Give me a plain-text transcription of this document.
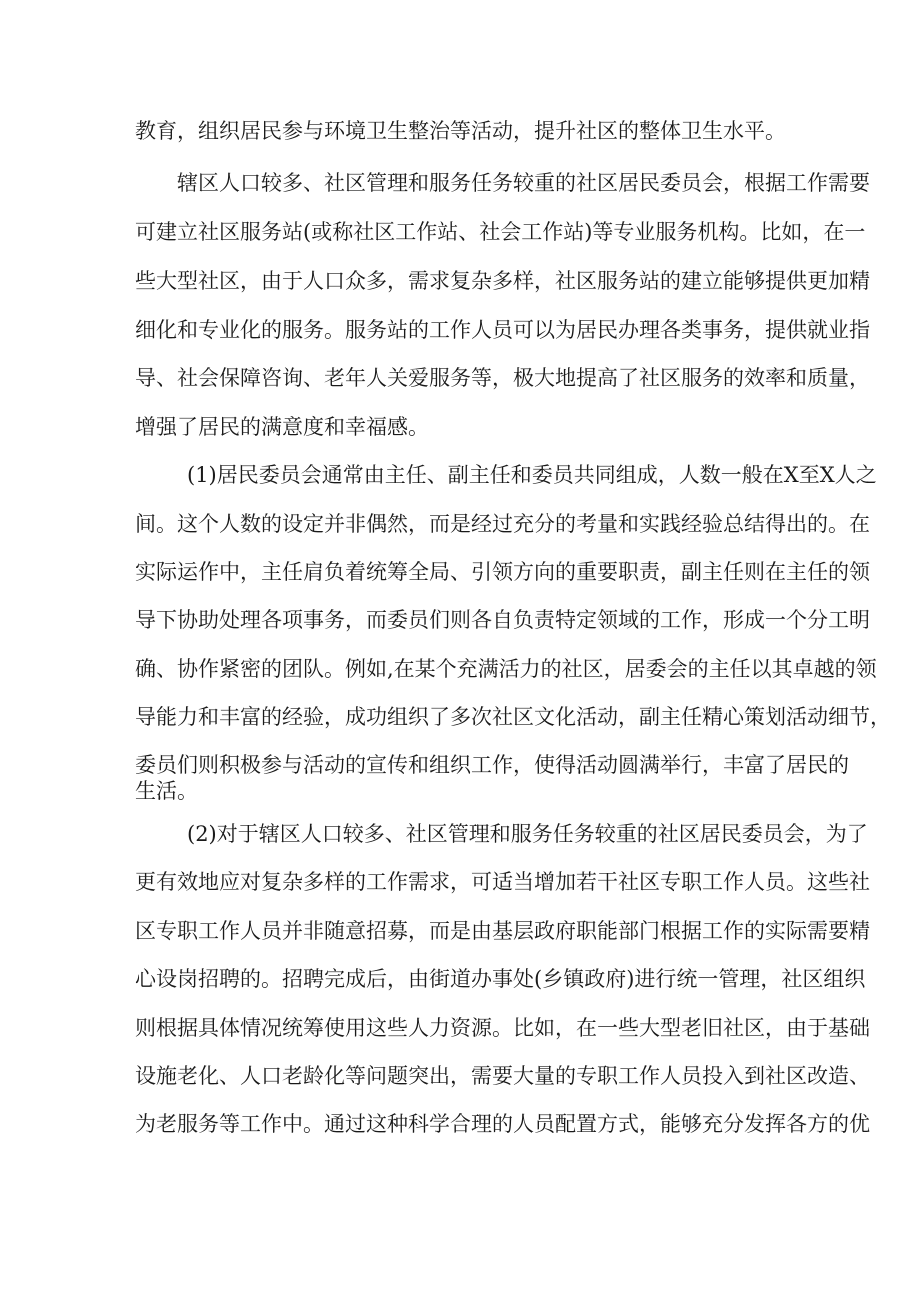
教育，组织居民参与环境卫生整治等活动，提升社区的整体卫生水平。
辖区人口较多、社区管理和服务任务较重的社区居民委员会，根据工作需要
可建立社区服务站(或称社区工作站、社会工作站)等专业服务机构。比如，在一
些大型社区，由于人口众多，需求复杂多样，社区服务站的建立能够提供更加精
细化和专业化的服务。服务站的工作人员可以为居民办理各类事务，提供就业指
导、社会保障咨询、老年人关爱服务等，极大地提高了社区服务的效率和质量，
增强了居民的满意度和幸福感。
(1)居民委员会通常由主任、副主任和委员共同组成，人数一般在X至X人之
间。这个人数的设定并非偶然，而是经过充分的考量和实践经验总结得出的。在
实际运作中，主任肩负着统筹全局、引领方向的重要职责，副主任则在主任的领
导下协助处理各项事务，而委员们则各自负责特定领域的工作，形成一个分工明
确、协作紧密的团队。例如,在某个充满活力的社区，居委会的主任以其卓越的领
导能力和丰富的经验，成功组织了多次社区文化活动，副主任精心策划活动细节，
委员们则积极参与活动的宣传和组织工作，使得活动圆满举行，丰富了居民的
生活。
(2)对于辖区人口较多、社区管理和服务任务较重的社区居民委员会，为了
更有效地应对复杂多样的工作需求，可适当增加若干社区专职工作人员。这些社
区专职工作人员并非随意招募，而是由基层政府职能部门根据工作的实际需要精
心设岗招聘的。招聘完成后，由街道办事处(乡镇政府)进行统一管理，社区组织
则根据具体情况统筹使用这些人力资源。比如，在一些大型老旧社区，由于基础
设施老化、人口老龄化等问题突出，需要大量的专职工作人员投入到社区改造、
为老服务等工作中。通过这种科学合理的人员配置方式，能够充分发挥各方的优
